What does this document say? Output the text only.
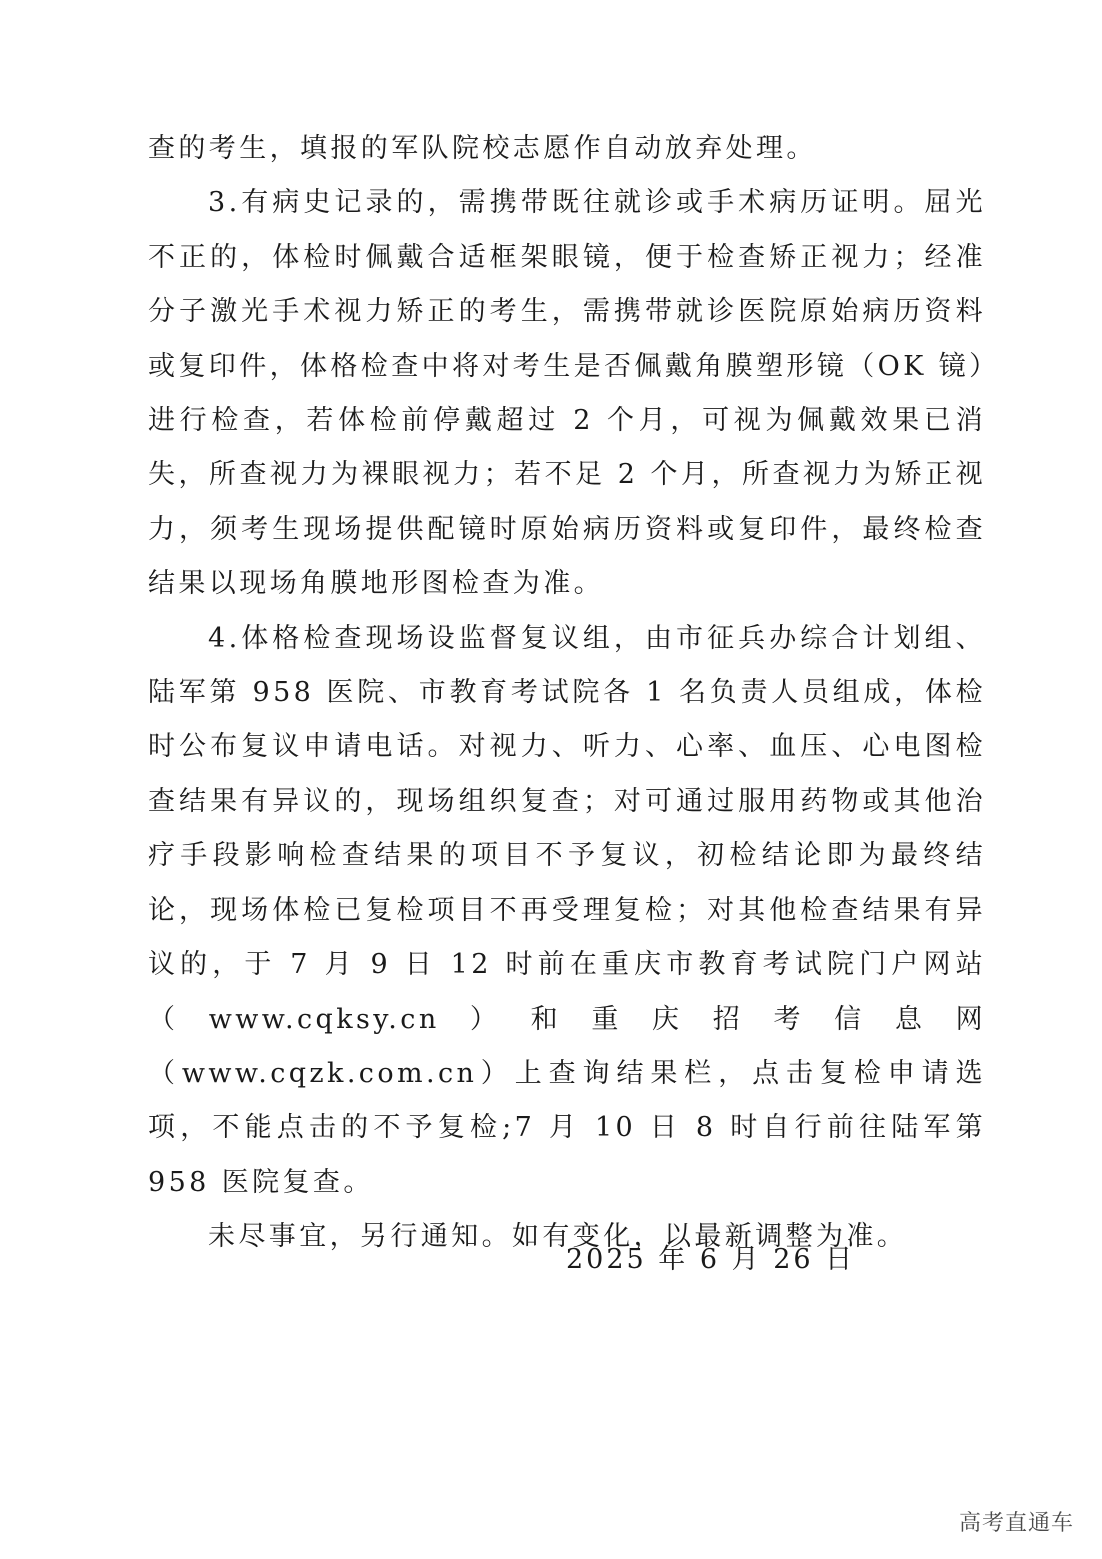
查的考生，填报的军队院校志愿作自动放弃处理。

3.有病史记录的，需携带既往就诊或手术病历证明。屈光不正的，体检时佩戴合适框架眼镜，便于检查矫正视力；经准分子激光手术视力矫正的考生，需携带就诊医院原始病历资料或复印件，体格检查中将对考生是否佩戴角膜塑形镜（OK 镜）进行检查，若体检前停戴超过 2 个月，可视为佩戴效果已消失，所查视力为裸眼视力；若不足 2 个月，所查视力为矫正视力，须考生现场提供配镜时原始病历资料或复印件，最终检查结果以现场角膜地形图检查为准。

4.体格检查现场设监督复议组，由市征兵办综合计划组、陆军第 958 医院、市教育考试院各 1 名负责人员组成，体检时公布复议申请电话。对视力、听力、心率、血压、心电图检查结果有异议的，现场组织复查；对可通过服用药物或其他治疗手段影响检查结果的项目不予复议，初检结论即为最终结论，现场体检已复检项目不再受理复检；对其他检查结果有异议的，于 7 月 9 日 12 时前在重庆市教育考试院门户网站（www.cqksy.cn）和重庆招考信息网（www.cqzk.com.cn）上查询结果栏，点击复检申请选项，不能点击的不予复检;7 月 10 日 8 时自行前往陆军第 958 医院复查。

未尽事宜，另行通知。如有变化，以最新调整为准。

2025 年 6 月 26 日
高考直通车
